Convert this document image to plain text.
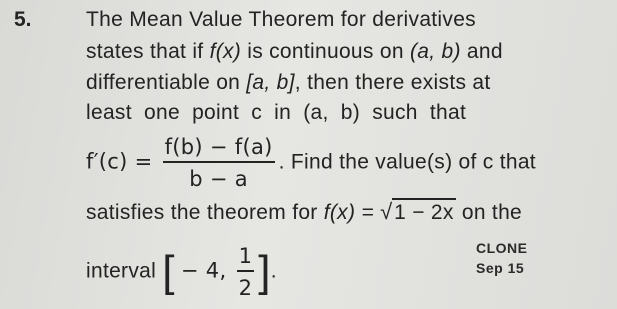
5.	The Mean Value Theorem for derivatives
states that if f(x) is continuous on (a, b) and
differentiable on [a, b], then there exists at
least one point c in (a, b) such that
$f'(c) = \frac{f(b) - f(a)}{b - a}$ . Find the value(s) of c that
satisfies the theorem for f(x) = √ 1 − 2x on the
interval [ − 4, $\frac{1}{2}$ ].
CLONE
Sep 15
